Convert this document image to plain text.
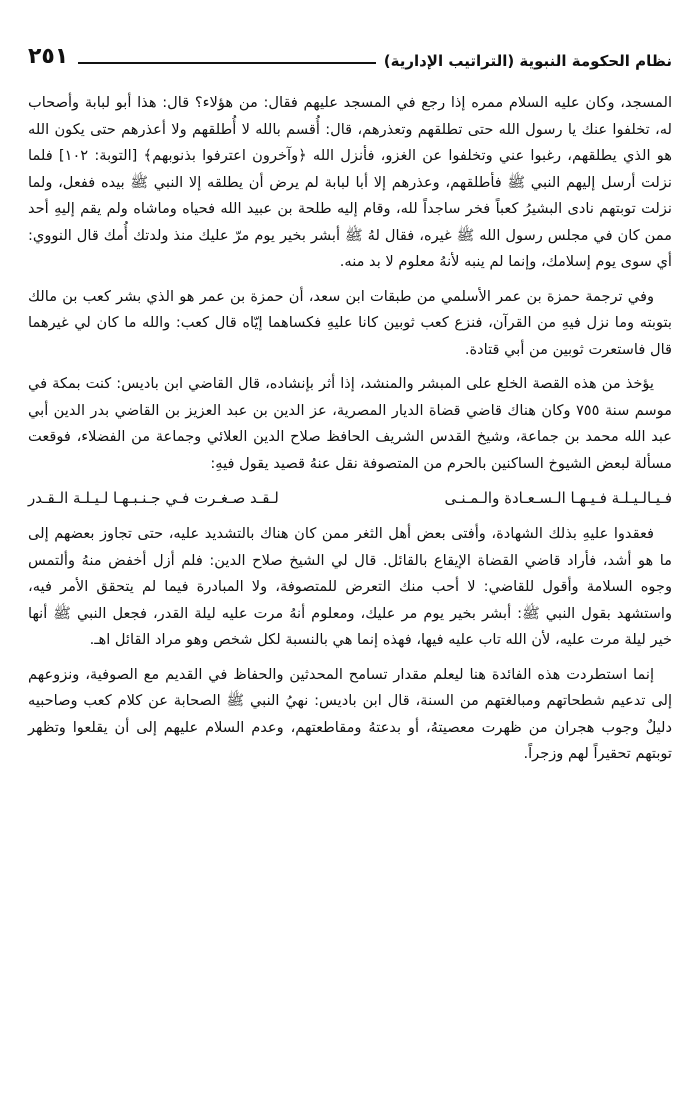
نظام الحكومة النبوية (التراتيب الإدارية)
٢٥١

المسجد، وكان عليه السلام ممره إذا رجع في المسجد عليهم فقال: من هؤلاء؟ قال: هذا أبو لبابة وأصحاب له، تخلفوا عنك يا رسول الله حتى تطلقهم وتعذرهم، قال: أُقسم بالله لا أُطلقهم ولا أعذرهم حتى يكون الله هو الذي يطلقهم، رغبوا عني وتخلفوا عن الغزو، فأنزل الله ﴿وآخرون اعترفوا بذنوبهم﴾ [التوبة: ١٠٢] فلما نزلت أرسل إليهم النبي ﷺ فأطلقهم، وعذرهم إلا أبا لبابة لم يرض أن يطلقه إلا النبي ﷺ بيده ففعل، ولما نزلت توبتهم نادى البشيرُ كعباً فخر ساجداً لله، وقام إليه طلحة بن عبيد الله فحياه وماشاه ولم يقم إليهِ أحد ممن كان في مجلس رسول الله ﷺ غيره، فقال لهُ ﷺ أبشر بخير يوم مرّ عليك منذ ولدتك أُمك قال النووي: أي سوى يوم إسلامك، وإنما لم ينبه لأنهُ معلوم لا بد منه.

وفي ترجمة حمزة بن عمر الأسلمي من طبقات ابن سعد، أن حمزة بن عمر هو الذي بشر كعب بن مالك بتوبته وما نزل فيهِ من القرآن، فنزع كعب ثوبين كانا عليهِ فكساهما إيّاه قال كعب: والله ما كان لي غيرهما قال فاستعرت ثوبين من أبي قتادة.

يؤخذ من هذه القصة الخلع على المبشر والمنشد، إذا أثر بإنشاده، قال القاضي ابن باديس: كنت بمكة في موسم سنة ٧٥٥ وكان هناك قاضي قضاة الديار المصرية، عز الدين بن عبد العزيز بن القاضي بدر الدين أبي عبد الله محمد بن جماعة، وشيخ القدس الشريف الحافظ صلاح الدين العلائي وجماعة من الفضلاء، فوقعت مسألة لبعض الشيوخ الساكنين بالحرم من المتصوفة نقل عنهُ قصيد يقول فيهِ:

فـيـالـيـلـة فـيـهـا الـسـعـادة والـمـنـى
لـقـد صـغـرت فـي جـنـبـهـا لـيـلـة الـقـدر

فعقدوا عليهِ بذلك الشهادة، وأفتى بعض أهل الثغر ممن كان هناك بالتشديد عليه، حتى تجاوز بعضهم إلى ما هو أشد، فأراد قاضي القضاة الإيقاع بالقائل. قال لي الشيخ صلاح الدين: فلم أزل أخفض منهُ وألتمس وجوه السلامة وأقول للقاضي: لا أحب منك التعرض للمتصوفة، ولا المبادرة فيما لم يتحقق الأمر فيه، واستشهد بقول النبي ﷺ: أبشر بخير يوم مر عليك، ومعلوم أنهُ مرت عليه ليلة القدر، فجعل النبي ﷺ أنها خير ليلة مرت عليه، لأن الله تاب عليه فيها، فهذه إنما هي بالنسبة لكل شخص وهو مراد القائل اهـ.

إنما استطردت هذه الفائدة هنا ليعلم مقدار تسامح المحدثين والحفاظ في القديم مع الصوفية، ونزوعهم إلى تدعيم شطحاتهم ومبالغتهم من السنة، قال ابن باديس: نهيُ النبي ﷺ الصحابة عن كلام كعب وصاحبيه دليلٌ وجوب هجران من ظهرت معصيتهُ، أو بدعتهُ ومقاطعتهم، وعدم السلام عليهم إلى أن يقلعوا وتظهر توبتهم تحقيراً لهم وزجراً.
